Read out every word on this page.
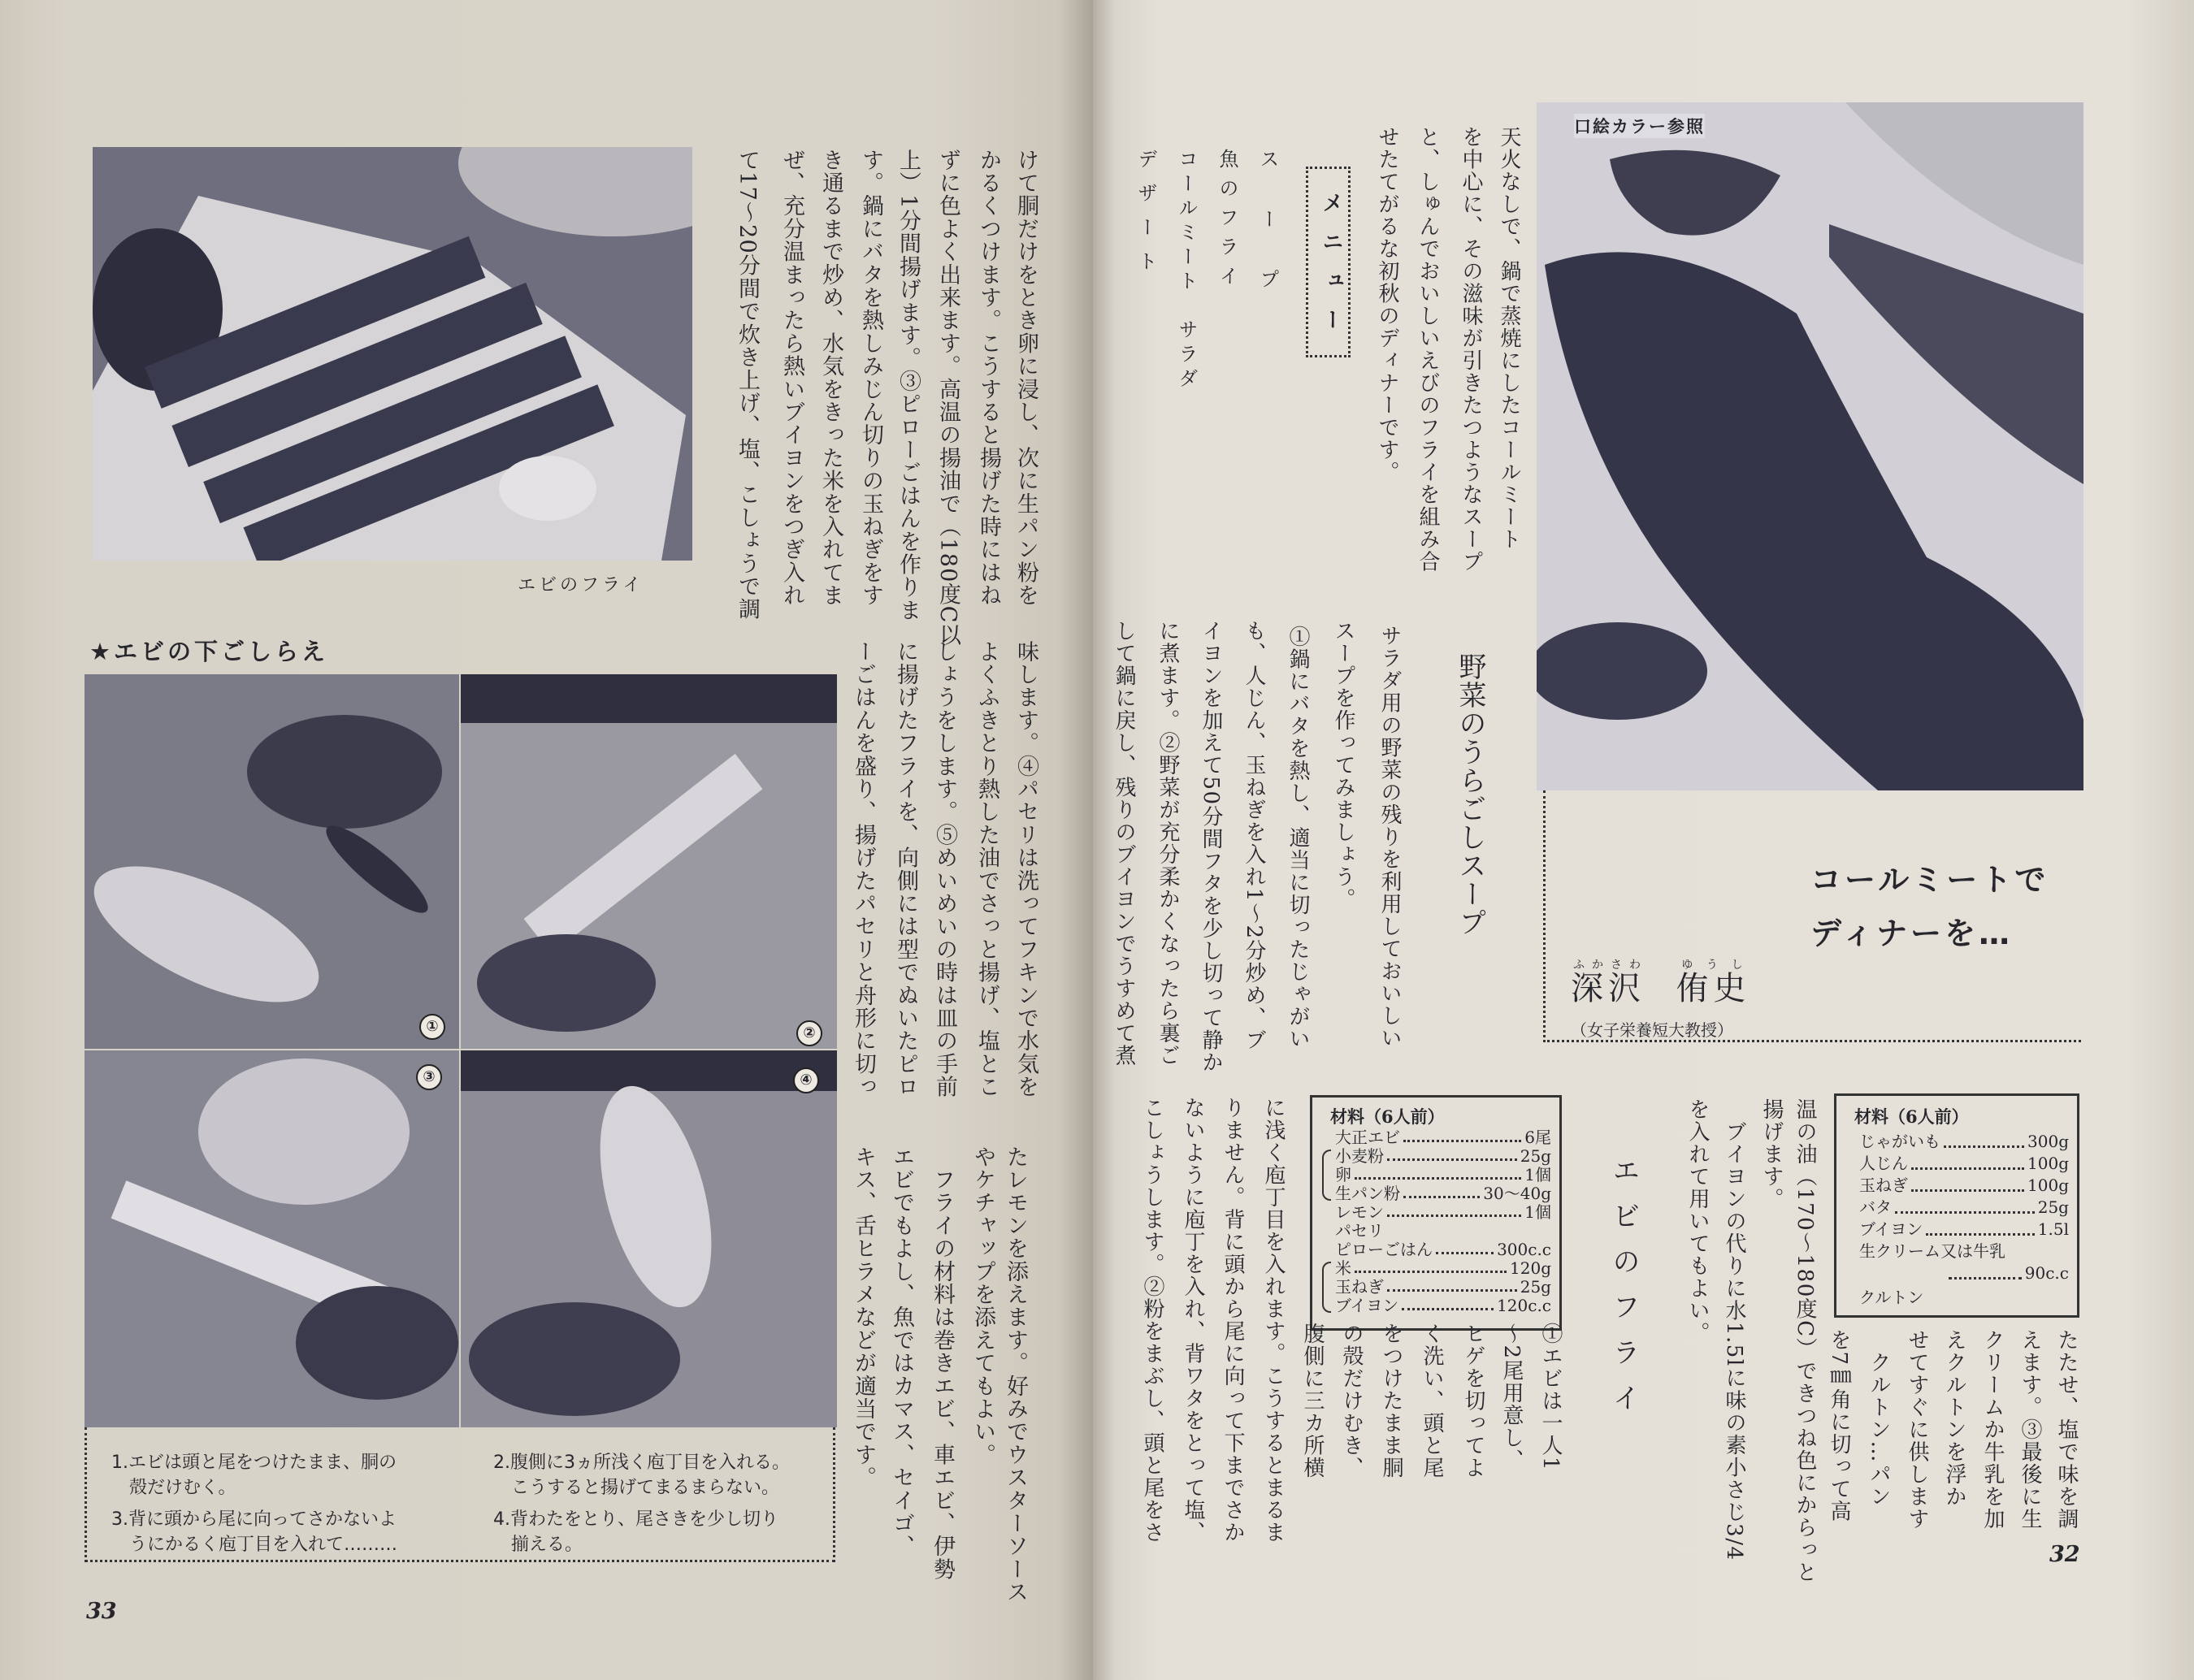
エビのフライ
★エビの下ごしらえ
①	②
③	④
1.エビは頭と尾をつけたまま、胴の
殻だけむく。
2.腹側に3ヵ所浅く庖丁目を入れる。
こうすると揚げてまるまらない。
3.背に頭から尾に向ってさかないよ
うにかるく庖丁目を入れて………
4.背わたをとり、尾さきを少し切り
揃える。
33
けて胴だけをとき卵に浸し、次に生パン粉を
かるくつけます。こうすると揚げた時にはね
ずに色よく出来ます。高温の揚油で（180度C以
上）1分間揚げます。③ピローごはんを作りま
す。鍋にバタを熱しみじん切りの玉ねぎをす
き通るまで炒め、水気をきった米を入れてま
ぜ、充分温まったら熱いブイヨンをつぎ入れ
て17～20分間で炊き上げ、塩、こしょうで調
味します。④パセリは洗ってフキンで水気を
よくふきとり熱した油でさっと揚げ、塩とこ
しょうをします。⑤めいめいの時は皿の手前
に揚げたフライを、向側には型でぬいたピロ
ーごはんを盛り、揚げたパセリと舟形に切っ
たレモンを添えます。好みでウスターソース
やケチャップを添えてもよい。
　フライの材料は巻きエビ、車エビ、伊勢
エビでもよし、魚ではカマス、セイゴ、
キス、舌ヒラメなどが適当です。
口絵カラー参照
コールミートで
ディナーを…
深沢ふかさわ  侑史ゆうし
（女子栄養短大教授）
天火なしで、鍋で蒸焼にしたコールミート
を中心に、その滋味が引きたつようなスープ
と、しゅんでおいしいえびのフライを組み合
せたてがるな初秋のディナーです。
メニュー
スープ
魚のフライ
コールミート　サラダ
デザート
野菜のうらごしスープ
サラダ用の野菜の残りを利用しておいしい
スープを作ってみましょう。
①鍋にバタを熱し、適当に切ったじゃがい
も、人じん、玉ねぎを入れ1～2分炒め、ブ
イヨンを加えて50分間フタを少し切って静か
に煮ます。②野菜が充分柔かくなったら裏ご
して鍋に戻し、残りのブイヨンでうすめて煮
材料（6人前）
じゃがいも	300g
人じん	100g
玉ねぎ	100g
バタ	25g
ブイヨン	1.5l
生クリーム又は牛乳
90c.c
クルトン
たたせ、塩で味を調
えます。③最後に生
クリームか牛乳を加
えクルトンを浮か
せてすぐに供します
　クルトン…パン
を7㎜角に切って高
温の油（170～180度C）できつね色にからっと
揚げます。
　ブイヨンの代りに水1.5lに味の素小さじ3/4
を入れて用いてもよい。
エビのフライ
材料（6人前）
大正エビ	6尾
小麦粉	25g
卵	1個
生パン粉	30～40g
レモン	1個
パセリ
ピローごはん	300c.c
米	120g
玉ねぎ	25g
ブイヨン	120c.c
①エビは一人1
～2尾用意し、
ヒゲを切ってよ
く洗い、頭と尾
をつけたまま胴
の殻だけむき、
腹側に三カ所横
に浅く庖丁目を入れます。こうするとまるま
りません。背に頭から尾に向って下までさか
ないように庖丁を入れ、背ワタをとって塩、
こしょうします。②粉をまぶし、頭と尾をさ
32
